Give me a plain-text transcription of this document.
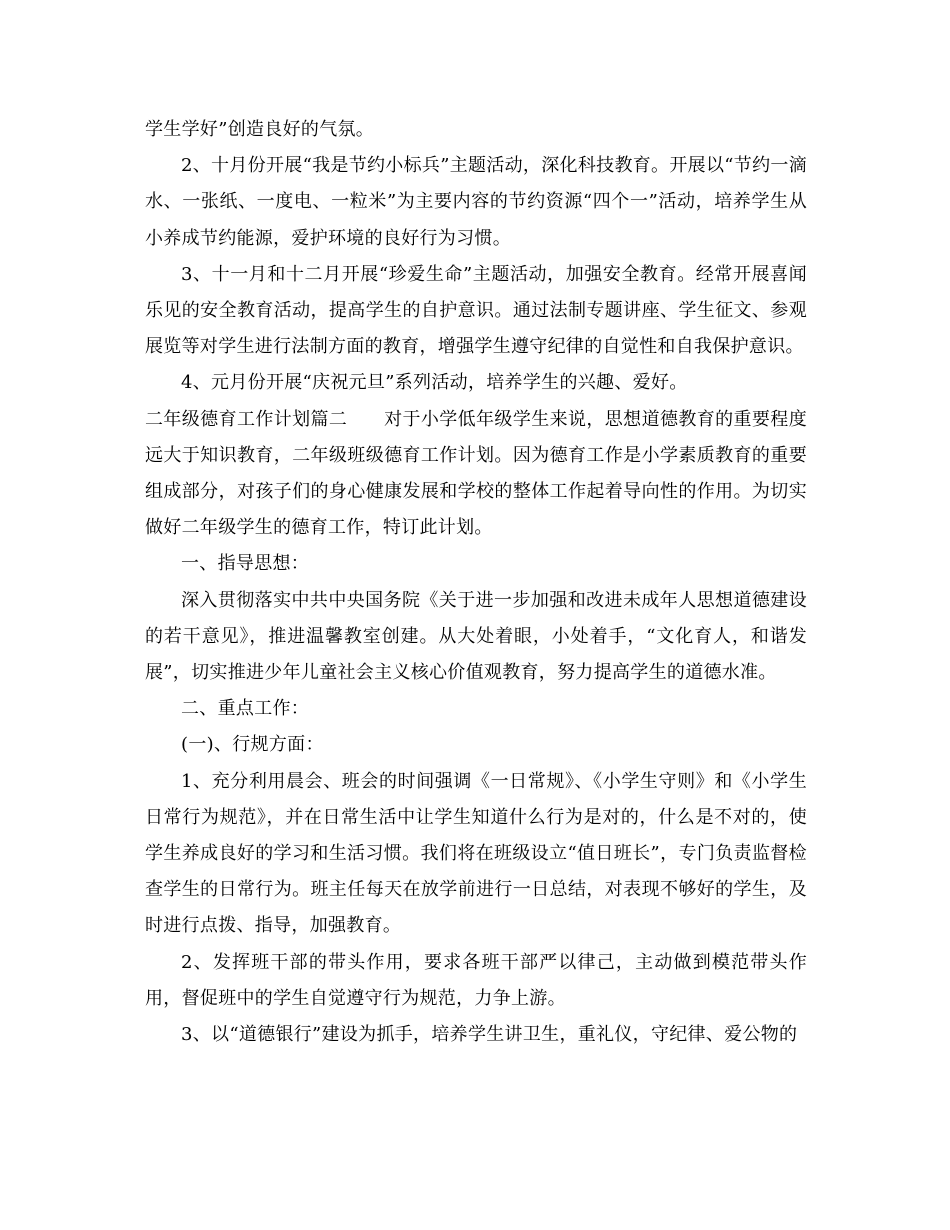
学生学好”创造良好的气氛。

2、十月份开展“我是节约小标兵”主题活动，深化科技教育。开展以“节约一滴水、一张纸、一度电、一粒米”为主要内容的节约资源“四个一”活动，培养学生从小养成节约能源，爱护环境的良好行为习惯。

3、十一月和十二月开展“珍爱生命”主题活动，加强安全教育。经常开展喜闻乐见的安全教育活动，提高学生的自护意识。通过法制专题讲座、学生征文、参观展览等对学生进行法制方面的教育，增强学生遵守纪律的自觉性和自我保护意识。

4、元月份开展“庆祝元旦”系列活动，培养学生的兴趣、爱好。

二年级德育工作计划篇二　　对于小学低年级学生来说，思想道德教育的重要程度远大于知识教育，二年级班级德育工作计划。因为德育工作是小学素质教育的重要组成部分，对孩子们的身心健康发展和学校的整体工作起着导向性的作用。为切实做好二年级学生的德育工作，特订此计划。

一、指导思想：

深入贯彻落实中共中央国务院《关于进一步加强和改进未成年人思想道德建设的若干意见》，推进温馨教室创建。从大处着眼，小处着手，“文化育人，和谐发展”，切实推进少年儿童社会主义核心价值观教育，努力提高学生的道德水准。

二、重点工作：

(一)、行规方面：

1、充分利用晨会、班会的时间强调《一日常规》、《小学生守则》和《小学生日常行为规范》，并在日常生活中让学生知道什么行为是对的，什么是不对的，使学生养成良好的学习和生活习惯。我们将在班级设立“值日班长”，专门负责监督检查学生的日常行为。班主任每天在放学前进行一日总结，对表现不够好的学生，及时进行点拨、指导，加强教育。

2、发挥班干部的带头作用，要求各班干部严以律己，主动做到模范带头作用，督促班中的学生自觉遵守行为规范，力争上游。

3、以“道德银行”建设为抓手，培养学生讲卫生，重礼仪，守纪律、爱公物的
